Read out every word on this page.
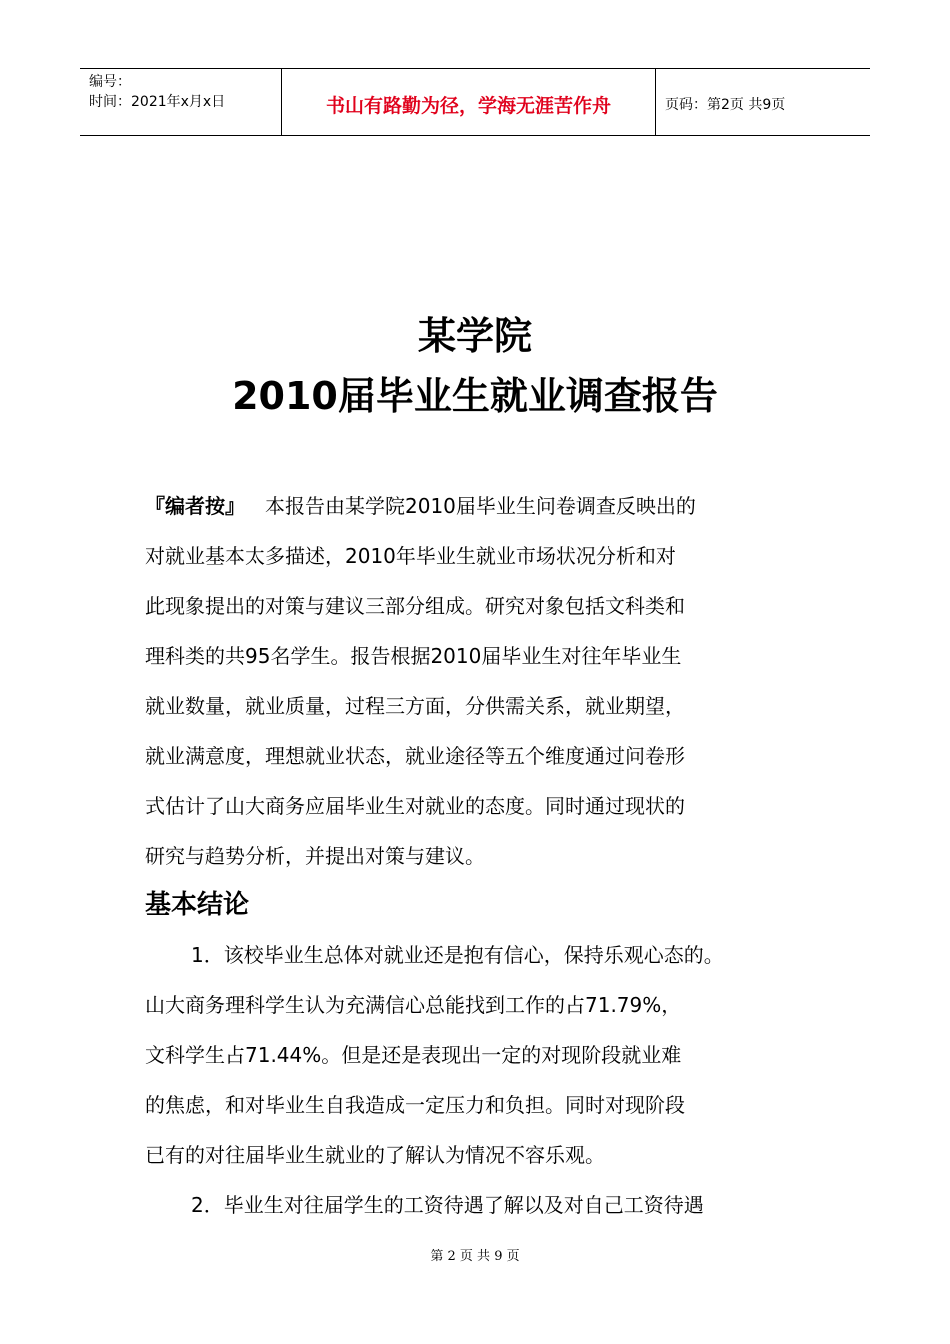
编号：
时间：2021年x月x日	书山有路勤为径，学海无涯苦作舟	页码：第2页 共9页
某学院
2010届毕业生就业调查报告
『编者按』 本报告由某学院2010届毕业生问卷调查反映出的
对就业基本太多描述，2010年毕业生就业市场状况分析和对
此现象提出的对策与建议三部分组成。研究对象包括文科类和
理科类的共95名学生。报告根据2010届毕业生对往年毕业生
就业数量，就业质量，过程三方面，分供需关系，就业期望，
就业满意度，理想就业状态，就业途径等五个维度通过问卷形
式估计了山大商务应届毕业生对就业的态度。同时通过现状的
研究与趋势分析，并提出对策与建议。
基本结论
1．该校毕业生总体对就业还是抱有信心，保持乐观心态的。
山大商务理科学生认为充满信心总能找到工作的占71.79%，
文科学生占71.44%。但是还是表现出一定的对现阶段就业难
的焦虑，和对毕业生自我造成一定压力和负担。同时对现阶段
已有的对往届毕业生就业的了解认为情况不容乐观。
2．毕业生对往届学生的工资待遇了解以及对自己工资待遇
第 2 页 共 9 页
